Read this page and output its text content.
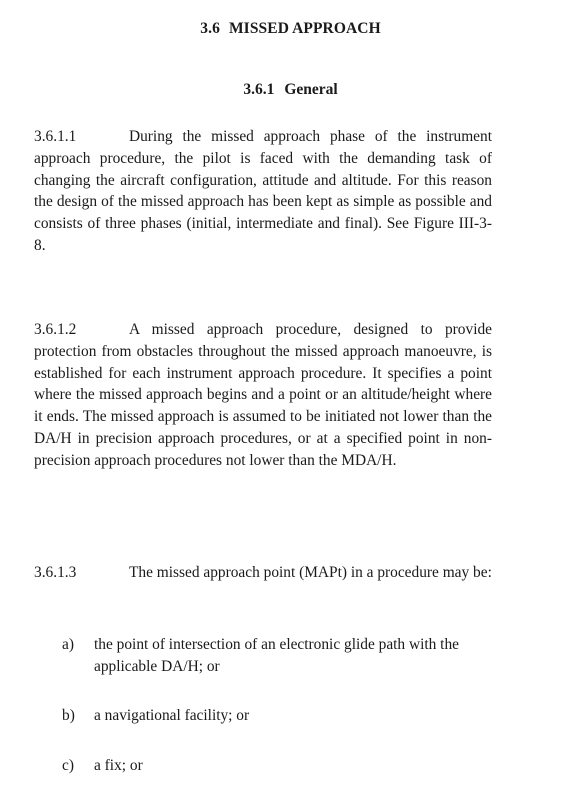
3.6 MISSED APPROACH
3.6.1 General

3.6.1.1	During the missed approach phase of the instrument approach procedure, the pilot is faced with the demanding task of changing the aircraft configuration, attitude and altitude. For this reason the design of the missed approach has been kept as simple as possible and consists of three phases (initial, intermediate and final). See Figure III-3-8.

3.6.1.2	A missed approach procedure, designed to provide protection from obstacles throughout the missed approach manoeuvre, is established for each instrument approach procedure. It specifies a point where the missed approach begins and a point or an altitude/height where it ends. The missed approach is assumed to be initiated not lower than the DA/H in precision approach procedures, or at a specified point in non-precision approach procedures not lower than the MDA/H.

3.6.1.3	The missed approach point (MAPt) in a procedure may be:

a)	the point of intersection of an electronic glide path with the applicable DA/H; or
b)	a navigational facility; or
c)	a fix; or
